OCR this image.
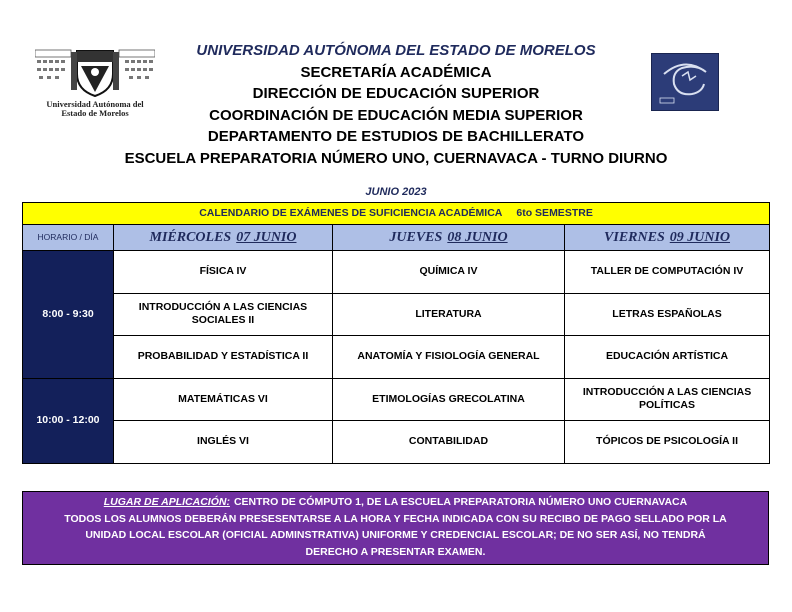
Universidad Autónoma del
Estado de Morelos
UNIVERSIDAD AUTÓNOMA DEL ESTADO DE MORELOS
SECRETARÍA ACADÉMICA
DIRECCIÓN DE EDUCACIÓN SUPERIOR
COORDINACIÓN DE EDUCACIÓN MEDIA SUPERIOR
DEPARTAMENTO DE ESTUDIOS DE BACHILLERATO
ESCUELA PREPARATORIA NÚMERO UNO, CUERNAVACA - TURNO DIURNO
JUNIO 2023
CALENDARIO DE EXÁMENES DE SUFICIENCIA ACADÉMICA 6to SEMESTRE			
HORARIO / DÍA	MIÉRCOLES 07 JUNIO	JUEVES 08 JUNIO	VIERNES 09 JUNIO
8:00 - 9:30	FÍSICA IV	QUÍMICA IV	TALLER DE COMPUTACIÓN IV
	INTRODUCCIÓN A LAS CIENCIAS SOCIALES II	LITERATURA	LETRAS ESPAÑOLAS
	PROBABILIDAD Y ESTADÍSTICA II	ANATOMÍA Y FISIOLOGÍA GENERAL	EDUCACIÓN ARTÍSTICA
10:00 - 12:00	MATEMÁTICAS VI	ETIMOLOGÍAS GRECOLATINA	INTRODUCCIÓN A LAS CIENCIAS POLÍTICAS
	INGLÉS VI	CONTABILIDAD	TÓPICOS DE PSICOLOGÍA II
LUGAR DE APLICACIÓN: CENTRO DE CÓMPUTO 1, DE LA ESCUELA PREPARATORIA NÚMERO UNO CUERNAVACA
TODOS LOS ALUMNOS DEBERÁN PRESESENTARSE A LA HORA Y FECHA INDICADA CON SU RECIBO DE PAGO SELLADO POR LA
UNIDAD LOCAL ESCOLAR (OFICIAL ADMINSTRATIVA) UNIFORME Y CREDENCIAL ESCOLAR; DE NO SER ASÍ, NO TENDRÁ
DERECHO A PRESENTAR EXAMEN.
